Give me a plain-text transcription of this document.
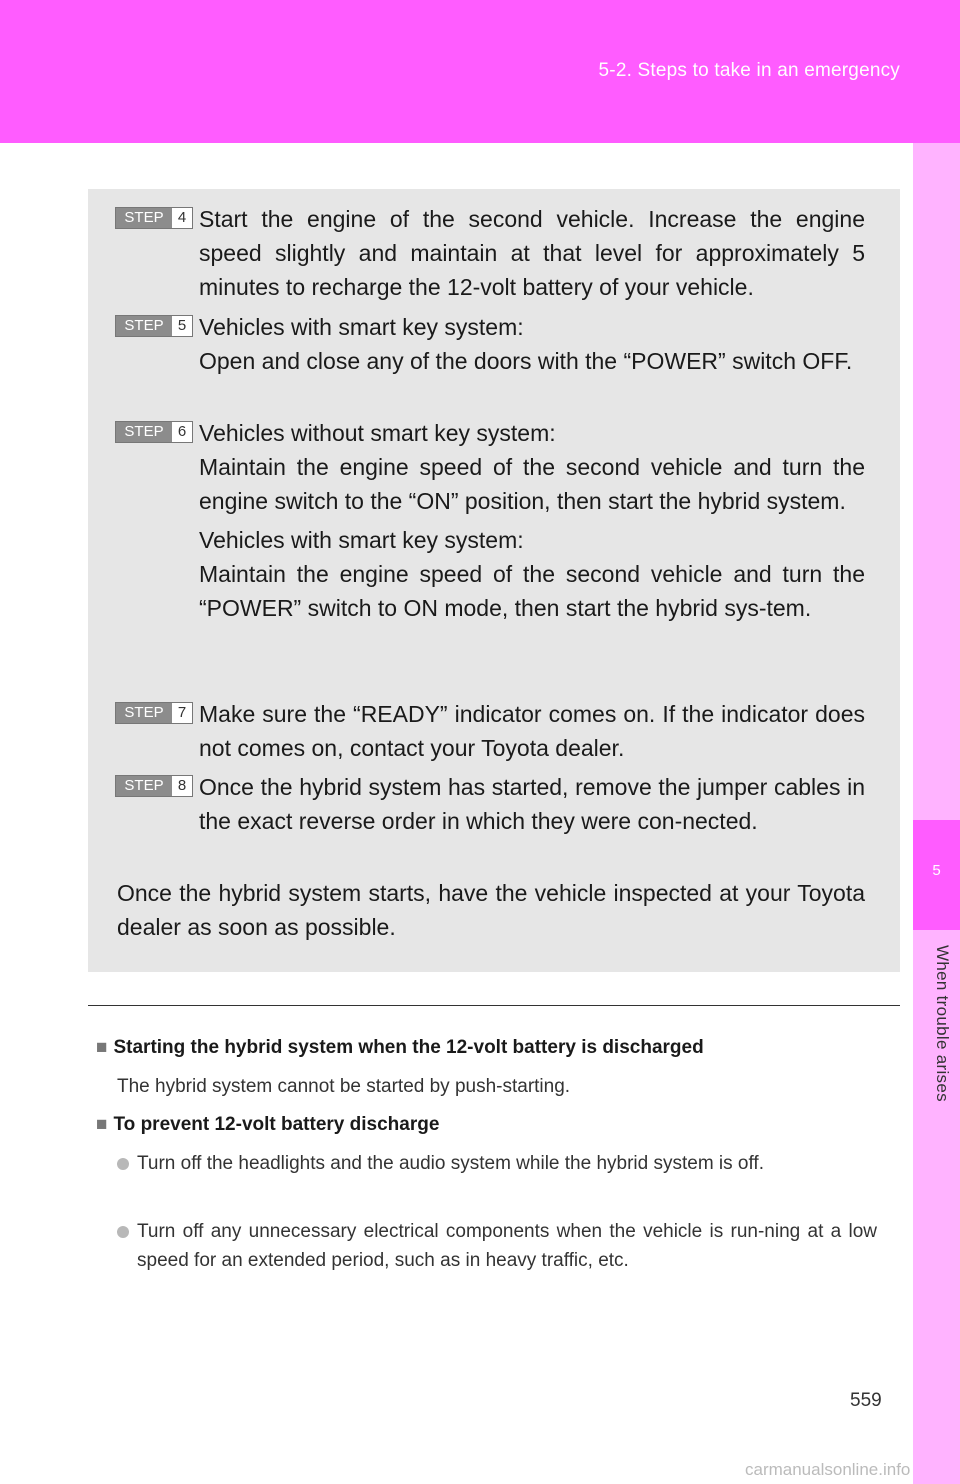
5-2. Steps to take in an emergency
5
When trouble arises
STEP 4 Start the engine of the second vehicle. Increase the engine speed slightly and maintain at that level for approximately 5 minutes to recharge the 12-volt battery of your vehicle.

STEP 5 Vehicles with smart key system:

Open and close any of the doors with the “POWER” switch OFF.

STEP 6 Vehicles without smart key system:

Maintain the engine speed of the second vehicle and turn the engine switch to the “ON” position, then start the hybrid system.

Vehicles with smart key system:

Maintain the engine speed of the second vehicle and turn the “POWER” switch to ON mode, then start the hybrid sys-tem.

STEP 7 Make sure the “READY” indicator comes on. If the indicator does not comes on, contact your Toyota dealer.

STEP 8 Once the hybrid system has started, remove the jumper cables in the exact reverse order in which they were con-nected.

Once the hybrid system starts, have the vehicle inspected at your Toyota dealer as soon as possible.
■ Starting the hybrid system when the 12-volt battery is discharged
The hybrid system cannot be started by push-starting.
■ To prevent 12-volt battery discharge
Turn off the headlights and the audio system while the hybrid system is off.
Turn off any unnecessary electrical components when the vehicle is run-ning at a low speed for an extended period, such as in heavy traffic, etc.
559
carmanualsonline.info
